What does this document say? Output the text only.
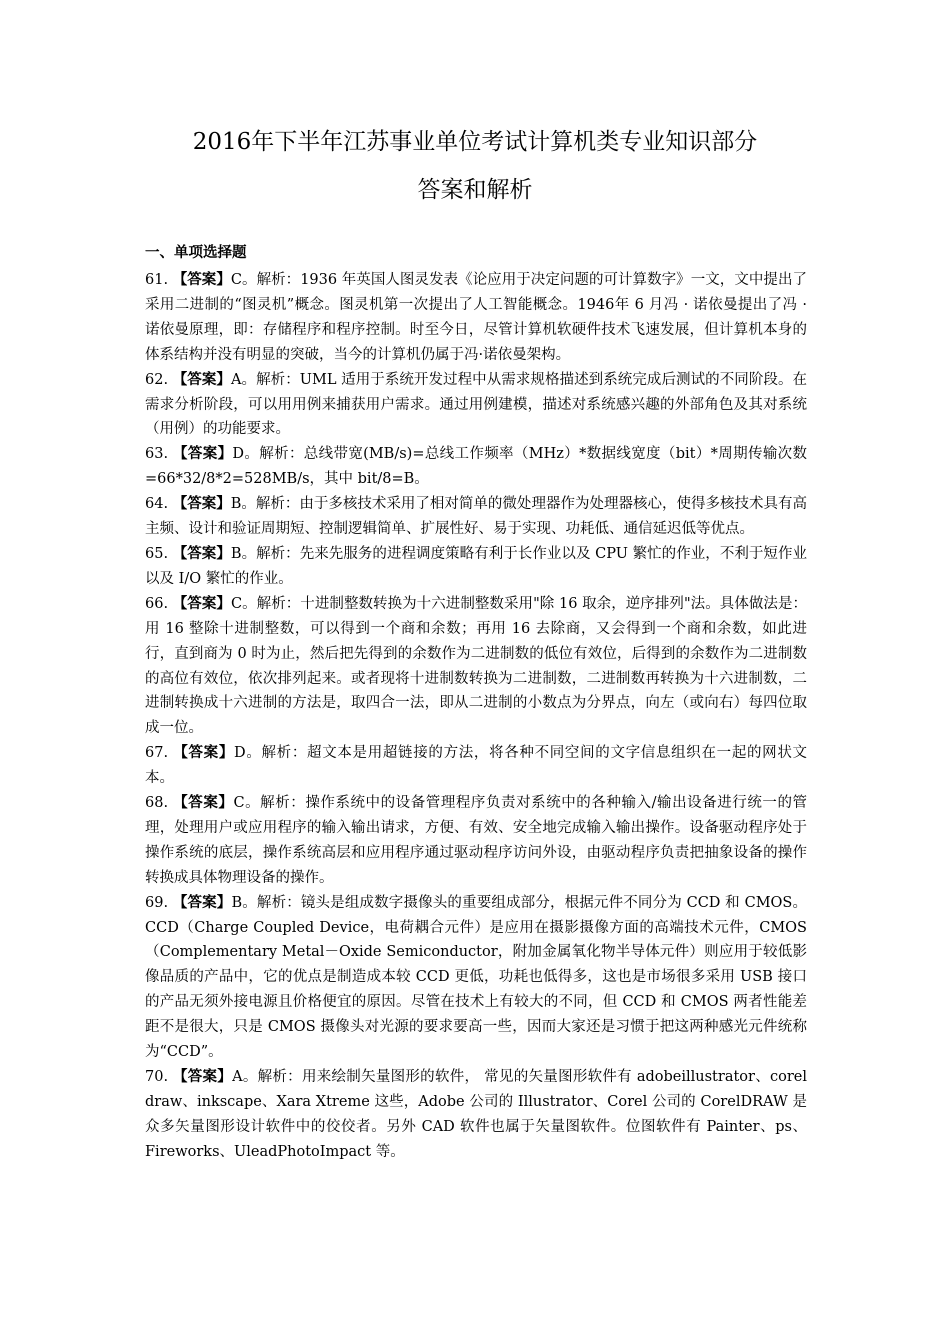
2016年下半年江苏事业单位考试计算机类专业知识部分
答案和解析
一、单项选择题

61. 【答案】C。解析：1936 年英国人图灵发表《论应用于决定问题的可计算数字》一文，文中提出了采用二进制的“图灵机”概念。图灵机第一次提出了人工智能概念。1946年 6 月冯 · 诺依曼提出了冯 · 诺依曼原理，即：存储程序和程序控制。时至今日，尽管计算机软硬件技术飞速发展，但计算机本身的体系结构并没有明显的突破，当今的计算机仍属于冯·诺依曼架构。

62. 【答案】A。解析：UML 适用于系统开发过程中从需求规格描述到系统完成后测试的不同阶段。在需求分析阶段，可以用用例来捕获用户需求。通过用例建模，描述对系统感兴趣的外部角色及其对系统（用例）的功能要求。

63. 【答案】D。解析：总线带宽(MB/s)=总线工作频率（MHz）*数据线宽度（bit）*周期传输次数=66*32/8*2=528MB/s，其中 bit/8=B。

64. 【答案】B。解析：由于多核技术采用了相对简单的微处理器作为处理器核心，使得多核技术具有高主频、设计和验证周期短、控制逻辑简单、扩展性好、易于实现、功耗低、通信延迟低等优点。

65. 【答案】B。解析：先来先服务的进程调度策略有利于长作业以及 CPU 繁忙的作业，不利于短作业以及 I/O 繁忙的作业。

66. 【答案】C。解析：十进制整数转换为十六进制整数采用"除 16 取余，逆序排列"法。具体做法是：用 16 整除十进制整数，可以得到一个商和余数；再用 16 去除商，又会得到一个商和余数，如此进行，直到商为 0 时为止，然后把先得到的余数作为二进制数的低位有效位，后得到的余数作为二进制数的高位有效位，依次排列起来。或者现将十进制数转换为二进制数，二进制数再转换为十六进制数，二进制转换成十六进制的方法是，取四合一法，即从二进制的小数点为分界点，向左（或向右）每四位取成一位。

67. 【答案】D。解析：超文本是用超链接的方法，将各种不同空间的文字信息组织在一起的网状文本。

68. 【答案】C。解析：操作系统中的设备管理程序负责对系统中的各种输入/输出设备进行统一的管理，处理用户或应用程序的输入输出请求，方便、有效、安全地完成输入输出操作。设备驱动程序处于操作系统的底层，操作系统高层和应用程序通过驱动程序访问外设，由驱动程序负责把抽象设备的操作转换成具体物理设备的操作。

69. 【答案】B。解析：镜头是组成数字摄像头的重要组成部分，根据元件不同分为 CCD 和 CMOS。CCD（Charge Coupled Device，电荷耦合元件）是应用在摄影摄像方面的高端技术元件，CMOS（Complementary Metal－Oxide Semiconductor，附加金属氧化物半导体元件）则应用于较低影像品质的产品中，它的优点是制造成本较 CCD 更低，功耗也低得多，这也是市场很多采用 USB 接口的产品无须外接电源且价格便宜的原因。尽管在技术上有较大的不同，但 CCD 和 CMOS 两者性能差距不是很大，只是 CMOS 摄像头对光源的要求要高一些，因而大家还是习惯于把这两种感光元件统称为“CCD”。

70. 【答案】A。解析：用来绘制矢量图形的软件， 常见的矢量图形软件有 adobeillustrator、corel draw、inkscape、Xara Xtreme 这些，Adobe 公司的 Illustrator、Corel 公司的 CorelDRAW 是众多矢量图形设计软件中的佼佼者。另外 CAD 软件也属于矢量图软件。位图软件有 Painter、ps、Fireworks、UleadPhotoImpact 等。
